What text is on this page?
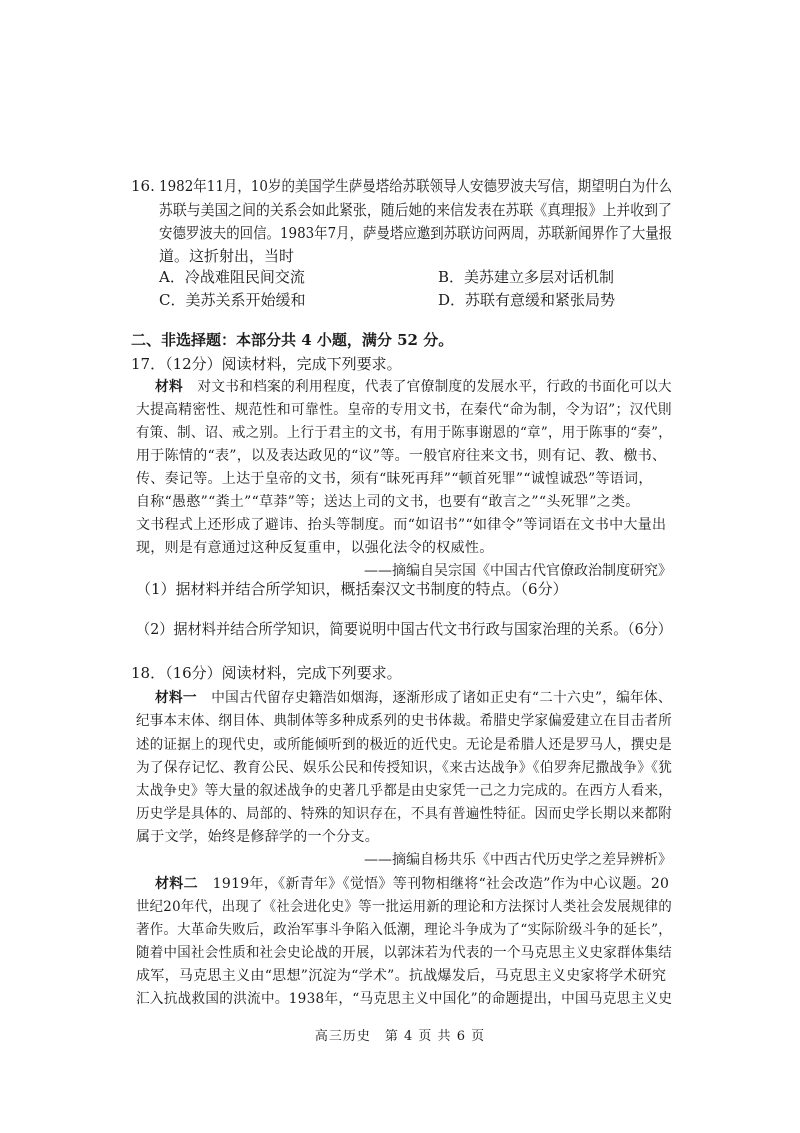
16. 1982年11月，10岁的美国学生萨曼塔给苏联领导人安德罗波夫写信，期望明白为什么
苏联与美国之间的关系会如此紧张，随后她的来信发表在苏联《真理报》上并收到了
安德罗波夫的回信。1983年7月，萨曼塔应邀到苏联访问两周，苏联新闻界作了大量报
道。这折射出，当时
A．冷战难阻民间交流	B．美苏建立多层对话机制
C．美苏关系开始缓和	D．苏联有意缓和紧张局势
二、非选择题：本部分共 4 小题，满分 52 分。
17．（12分）阅读材料，完成下列要求。
材料 对文书和档案的利用程度，代表了官僚制度的发展水平，行政的书面化可以大
大提高精密性、规范性和可靠性。皇帝的专用文书，在秦代“命为制，令为诏”；汉代則
有策、制、诏、戒之别。上行于君主的文书，有用于陈事谢恩的“章”，用于陈事的“奏”，
用于陈情的“表”，以及表达政见的“议”等。一般官府往来文书，则有记、教、檄书、
传、奏记等。上达于皇帝的文书，须有“昧死再拜”“顿首死罪”“诚惶诚恐”等语词，
自称“愚憨”“粪土”“草莽”等；送达上司的文书，也要有“敢言之”“头死罪”之类。
文书程式上还形成了避讳、抬头等制度。而“如诏书”“如律令”等词语在文书中大量出
现，则是有意通过这种反复重申，以强化法令的权威性。
——摘编自吴宗国《中国古代官僚政治制度研究》
（1）据材料并结合所学知识，概括秦汉文书制度的特点。（6分）
（2）据材料并结合所学知识，简要说明中国古代文书行政与国家治理的关系。（6分）
18．（16分）阅读材料，完成下列要求。
材料一 中国古代留存史籍浩如烟海，逐渐形成了诸如正史有“二十六史”，编年体、
纪事本末体、纲目体、典制体等多种成系列的史书体裁。希腊史学家偏爱建立在目击者所
述的证据上的现代史，或所能倾听到的极近的近代史。无论是希腊人还是罗马人，撰史是
为了保存记忆、教育公民、娱乐公民和传授知识，《来古达战争》《伯罗奔尼撒战争》《犹
太战争史》等大量的叙述战争的史著几乎都是由史家凭一己之力完成的。在西方人看来，
历史学是具体的、局部的、特殊的知识存在，不具有普遍性特征。因而史学长期以来都附
属于文学，始终是修辞学的一个分支。
——摘编自杨共乐《中西古代历史学之差异辨析》
材料二 1919年，《新青年》《觉悟》等刊物相继将“社会改造”作为中心议题。20
世纪20年代，出现了《社会进化史》等一批运用新的理论和方法探讨人类社会发展规律的
著作。大革命失败后，政治军事斗争陷入低潮，理论斗争成为了“实际阶级斗争的延长”，
随着中国社会性质和社会史论战的开展，以郭沫若为代表的一个马克思主义史家群体集结
成军，马克思主义由“思想”沉淀为“学术”。抗战爆发后，马克思主义史家将学术研究
汇入抗战救国的洪流中。1938年，“马克思主义中国化”的命题提出，中国马克思主义史
高三历史　第 4 页 共 6 页
